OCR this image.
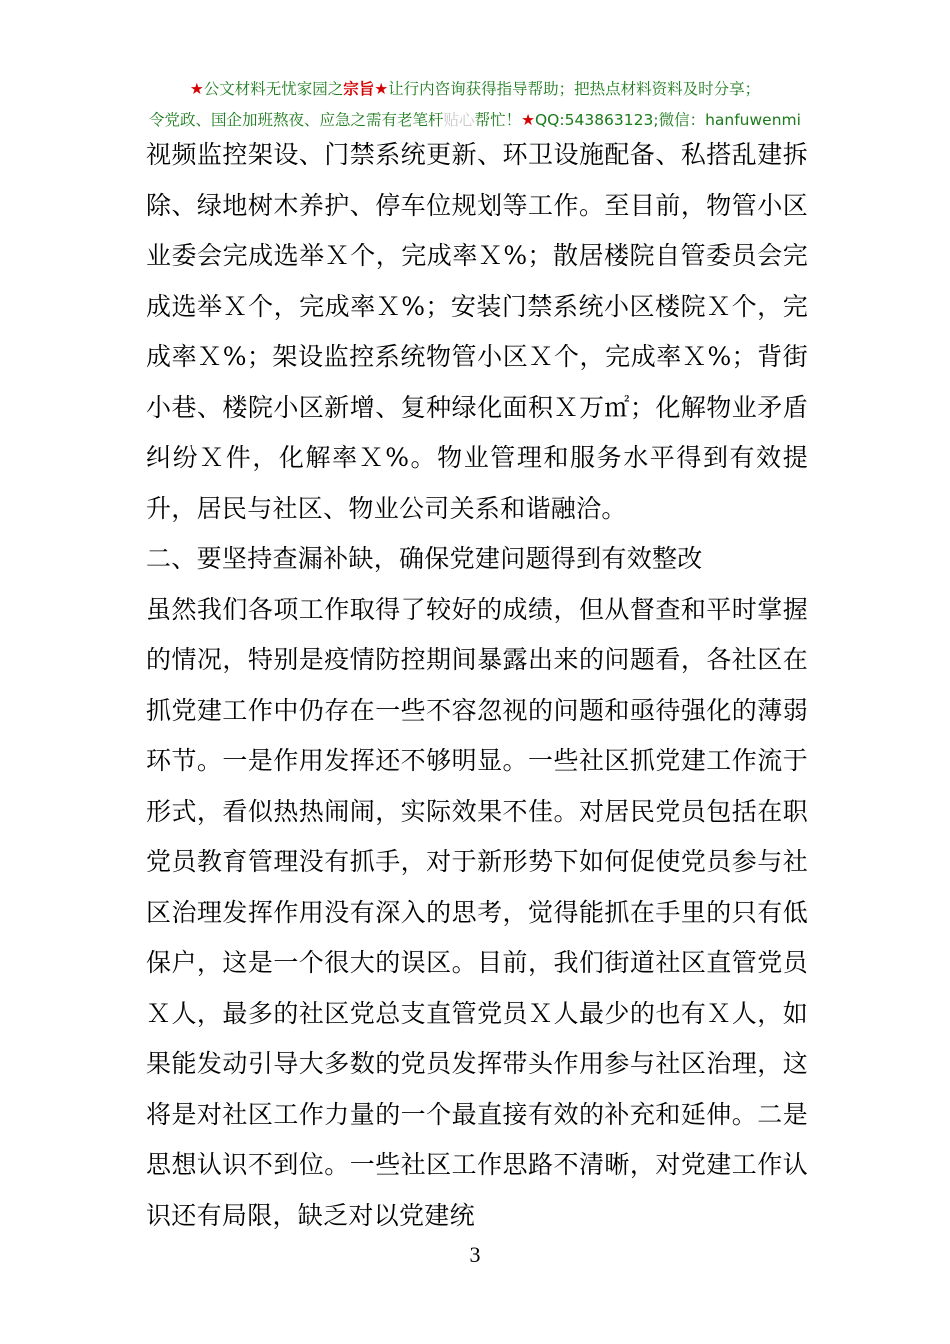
★公文材料无忧家园之宗旨★让行内咨询获得指导帮助；把热点材料资料及时分享；
令党政、国企加班熬夜、应急之需有老笔杆贴心帮忙！★QQ:543863123;微信：hanfuwenmi

视频监控架设、门禁系统更新、环卫设施配备、私搭乱建拆除、绿地树木养护、停车位规划等工作。至目前，物管小区业委会完成选举Ｘ个，完成率Ｘ%；散居楼院自管委员会完成选举Ｘ个，完成率Ｘ%；安装门禁系统小区楼院Ｘ个，完成率Ｘ%；架设监控系统物管小区Ｘ个，完成率Ｘ%；背街小巷、楼院小区新增、复种绿化面积Ｘ万㎡；化解物业矛盾纠纷Ｘ件，化解率Ｘ%。物业管理和服务水平得到有效提升，居民与社区、物业公司关系和谐融洽。

二、要坚持查漏补缺，确保党建问题得到有效整改

虽然我们各项工作取得了较好的成绩，但从督查和平时掌握的情况，特别是疫情防控期间暴露出来的问题看，各社区在抓党建工作中仍存在一些不容忽视的问题和亟待强化的薄弱环节。一是作用发挥还不够明显。一些社区抓党建工作流于形式，看似热热闹闹，实际效果不佳。对居民党员包括在职党员教育管理没有抓手，对于新形势下如何促使党员参与社区治理发挥作用没有深入的思考，觉得能抓在手里的只有低保户，这是一个很大的误区。目前，我们街道社区直管党员Ｘ人，最多的社区党总支直管党员Ｘ人最少的也有Ｘ人，如果能发动引导大多数的党员发挥带头作用参与社区治理，这将是对社区工作力量的一个最直接有效的补充和延伸。二是思想认识不到位。一些社区工作思路不清晰，对党建工作认识还有局限，缺乏对以党建统

3
